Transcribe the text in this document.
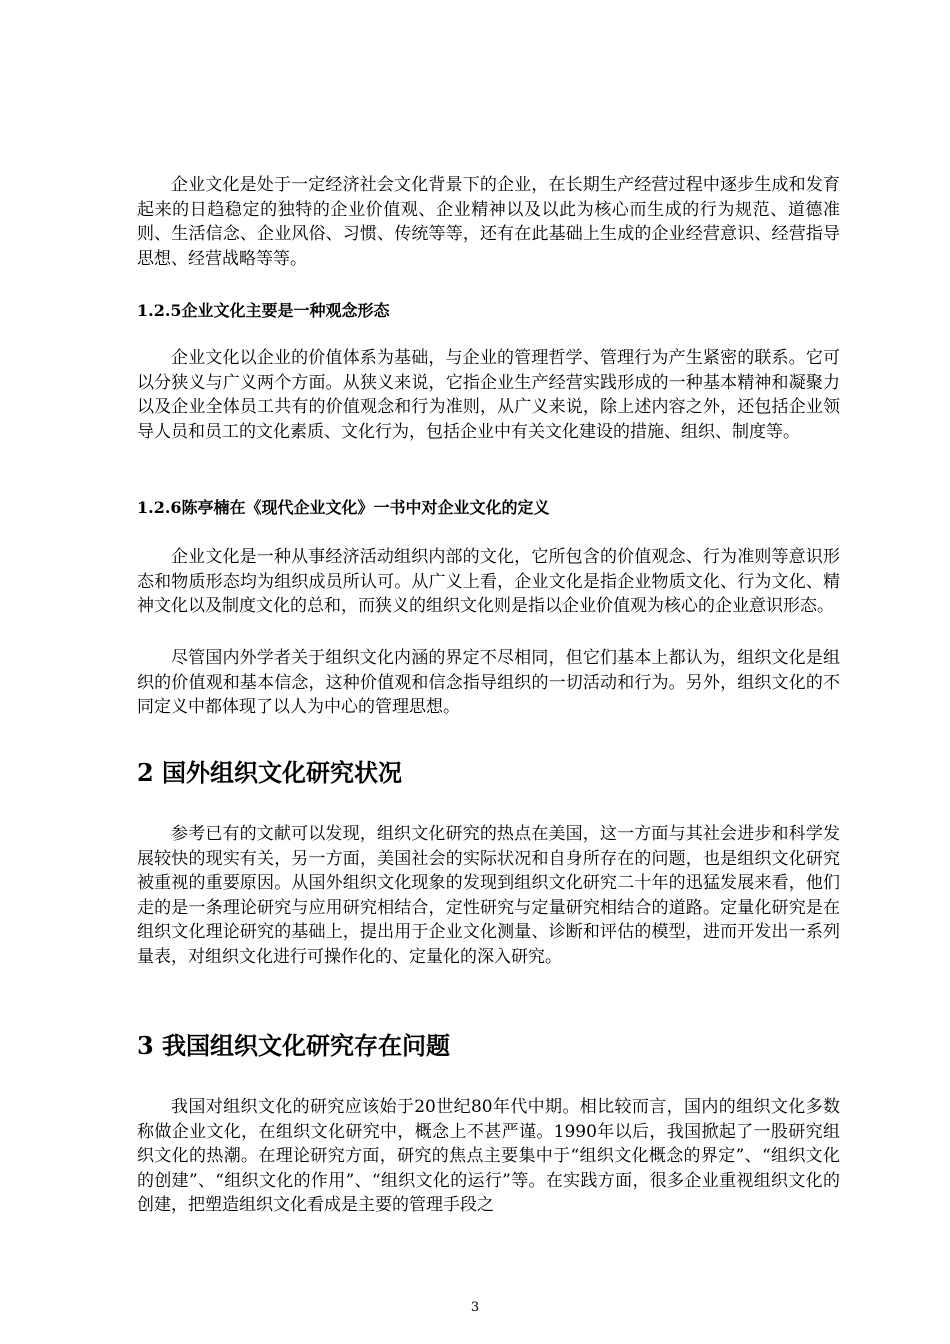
企业文化是处于一定经济社会文化背景下的企业，在长期生产经营过程中逐步生成和发育起来的日趋稳定的独特的企业价值观、企业精神以及以此为核心而生成的行为规范、道德准则、生活信念、企业风俗、习惯、传统等等，还有在此基础上生成的企业经营意识、经营指导思想、经营战略等等。

1.2.5企业文化主要是一种观念形态

企业文化以企业的价值体系为基础，与企业的管理哲学、管理行为产生紧密的联系。它可以分狭义与广义两个方面。从狭义来说，它指企业生产经营实践形成的一种基本精神和凝聚力以及企业全体员工共有的价值观念和行为准则，从广义来说，除上述内容之外，还包括企业领导人员和员工的文化素质、文化行为，包括企业中有关文化建设的措施、组织、制度等。

1.2.6陈亭楠在《现代企业文化》一书中对企业文化的定义

企业文化是一种从事经济活动组织内部的文化，它所包含的价值观念、行为准则等意识形态和物质形态均为组织成员所认可。从广义上看，企业文化是指企业物质文化、行为文化、精神文化以及制度文化的总和，而狭义的组织文化则是指以企业价值观为核心的企业意识形态。

尽管国内外学者关于组织文化内涵的界定不尽相同，但它们基本上都认为，组织文化是组织的价值观和基本信念，这种价值观和信念指导组织的一切活动和行为。另外，组织文化的不同定义中都体现了以人为中心的管理思想。

2 国外组织文化研究状况

参考已有的文献可以发现，组织文化研究的热点在美国，这一方面与其社会进步和科学发展较快的现实有关，另一方面，美国社会的实际状况和自身所存在的问题，也是组织文化研究被重视的重要原因。从国外组织文化现象的发现到组织文化研究二十年的迅猛发展来看，他们走的是一条理论研究与应用研究相结合，定性研究与定量研究相结合的道路。定量化研究是在组织文化理论研究的基础上，提出用于企业文化测量、诊断和评估的模型，进而开发出一系列量表，对组织文化进行可操作化的、定量化的深入研究。

3 我国组织文化研究存在问题

我国对组织文化的研究应该始于20世纪80年代中期。相比较而言，国内的组织文化多数称做企业文化，在组织文化研究中，概念上不甚严谨。1990年以后，我国掀起了一股研究组织文化的热潮。在理论研究方面，研究的焦点主要集中于“组织文化概念的界定”、“组织文化的创建”、“组织文化的作用”、“组织文化的运行”等。在实践方面，很多企业重视组织文化的创建，把塑造组织文化看成是主要的管理手段之

3
